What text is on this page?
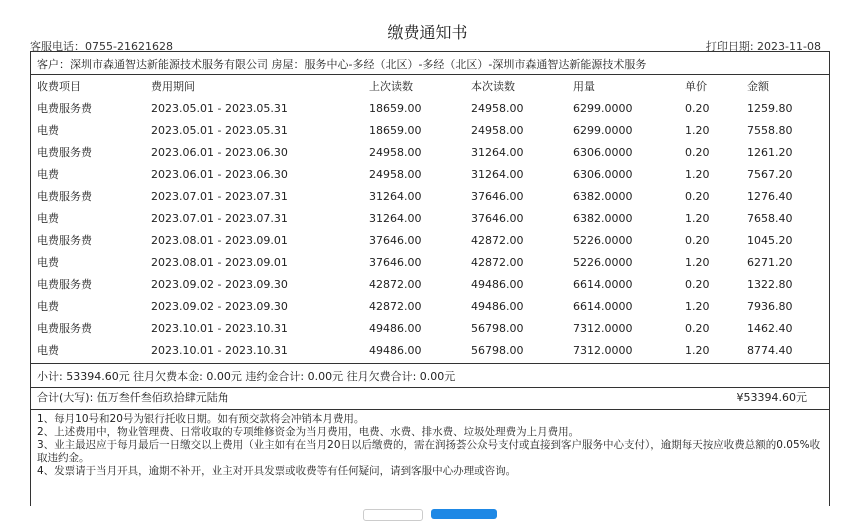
缴费通知书
客服电话：0755-21621628	打印日期: 2023-11-08
客户：深圳市森通智达新能源技术服务有限公司 房屋：服务中心-多经（北区）-多经（北区）-深圳市森通智达新能源技术服务
收费项目	费用期间	上次读数	本次读数	用量	单价	金额
电费服务费	2023.05.01 - 2023.05.31	18659.00	24958.00	6299.0000	0.20	1259.80
电费	2023.05.01 - 2023.05.31	18659.00	24958.00	6299.0000	1.20	7558.80
电费服务费	2023.06.01 - 2023.06.30	24958.00	31264.00	6306.0000	0.20	1261.20
电费	2023.06.01 - 2023.06.30	24958.00	31264.00	6306.0000	1.20	7567.20
电费服务费	2023.07.01 - 2023.07.31	31264.00	37646.00	6382.0000	0.20	1276.40
电费	2023.07.01 - 2023.07.31	31264.00	37646.00	6382.0000	1.20	7658.40
电费服务费	2023.08.01 - 2023.09.01	37646.00	42872.00	5226.0000	0.20	1045.20
电费	2023.08.01 - 2023.09.01	37646.00	42872.00	5226.0000	1.20	6271.20
电费服务费	2023.09.02 - 2023.09.30	42872.00	49486.00	6614.0000	0.20	1322.80
电费	2023.09.02 - 2023.09.30	42872.00	49486.00	6614.0000	1.20	7936.80
电费服务费	2023.10.01 - 2023.10.31	49486.00	56798.00	7312.0000	0.20	1462.40
电费	2023.10.01 - 2023.10.31	49486.00	56798.00	7312.0000	1.20	8774.40
小计: 53394.60元 往月欠费本金: 0.00元 违约金合计: 0.00元 往月欠费合计: 0.00元
合计(大写): 伍万叁仟叁佰玖拾肆元陆角	¥53394.60元
1、每月10号和20号为银行托收日期。如有预交款将会冲销本月费用。
2、上述费用中，物业管理费、日常收取的专项维修资金为当月费用，电费、水费、排水费、垃圾处理费为上月费用。
3、业主最迟应于每月最后一日缴交以上费用（业主如有在当月20日以后缴费的，需在润扬荟公众号支付或直接到客户服务中心支付），逾期每天按应收费总额的0.05%收取违约金。
4、发票请于当月开具，逾期不补开，业主对开具发票或收费等有任何疑问，请到客服中心办理或咨询。
